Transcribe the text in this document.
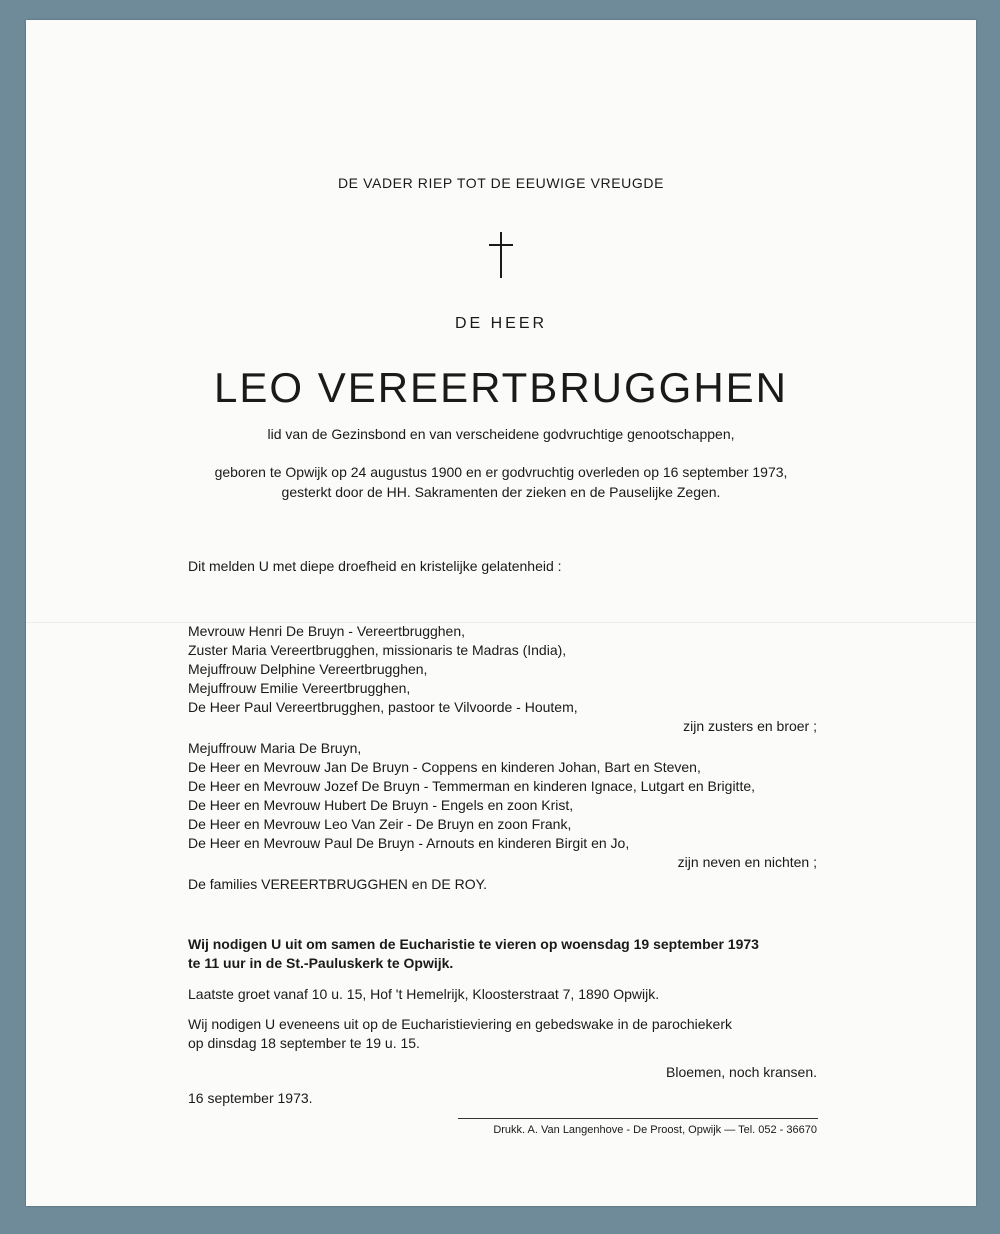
DE VADER RIEP TOT DE EEUWIGE VREUGDE
DE HEER
LEO VEREERTBRUGGHEN
lid van de Gezinsbond en van verscheidene godvruchtige genootschappen,
geboren te Opwijk op 24 augustus 1900 en er godvruchtig overleden op 16 september 1973,
gesterkt door de HH. Sakramenten der zieken en de Pauselijke Zegen.
Dit melden U met diepe droefheid en kristelijke gelatenheid :
Mevrouw Henri De Bruyn - Vereertbrugghen,
Zuster Maria Vereertbrugghen, missionaris te Madras (India),
Mejuffrouw Delphine Vereertbrugghen,
Mejuffrouw Emilie Vereertbrugghen,
De Heer Paul Vereertbrugghen, pastoor te Vilvoorde - Houtem,
zijn zusters en broer ;
Mejuffrouw Maria De Bruyn,
De Heer en Mevrouw Jan De Bruyn - Coppens en kinderen Johan, Bart en Steven,
De Heer en Mevrouw Jozef De Bruyn - Temmerman en kinderen Ignace, Lutgart en Brigitte,
De Heer en Mevrouw Hubert De Bruyn - Engels en zoon Krist,
De Heer en Mevrouw Leo Van Zeir - De Bruyn en zoon Frank,
De Heer en Mevrouw Paul De Bruyn - Arnouts en kinderen Birgit en Jo,
zijn neven en nichten ;
De families VEREERTBRUGGHEN en DE ROY.
Wij nodigen U uit om samen de Eucharistie te vieren op woensdag 19 september 1973
te 11 uur in de St.-Pauluskerk te Opwijk.
Laatste groet vanaf 10 u. 15, Hof 't Hemelrijk, Kloosterstraat 7, 1890 Opwijk.
Wij nodigen U eveneens uit op de Eucharistieviering en gebedswake in de parochiekerk
op dinsdag 18 september te 19 u. 15.
Bloemen, noch kransen.
16 september 1973.
Drukk. A. Van Langenhove - De Proost, Opwijk — Tel. 052 - 36670
